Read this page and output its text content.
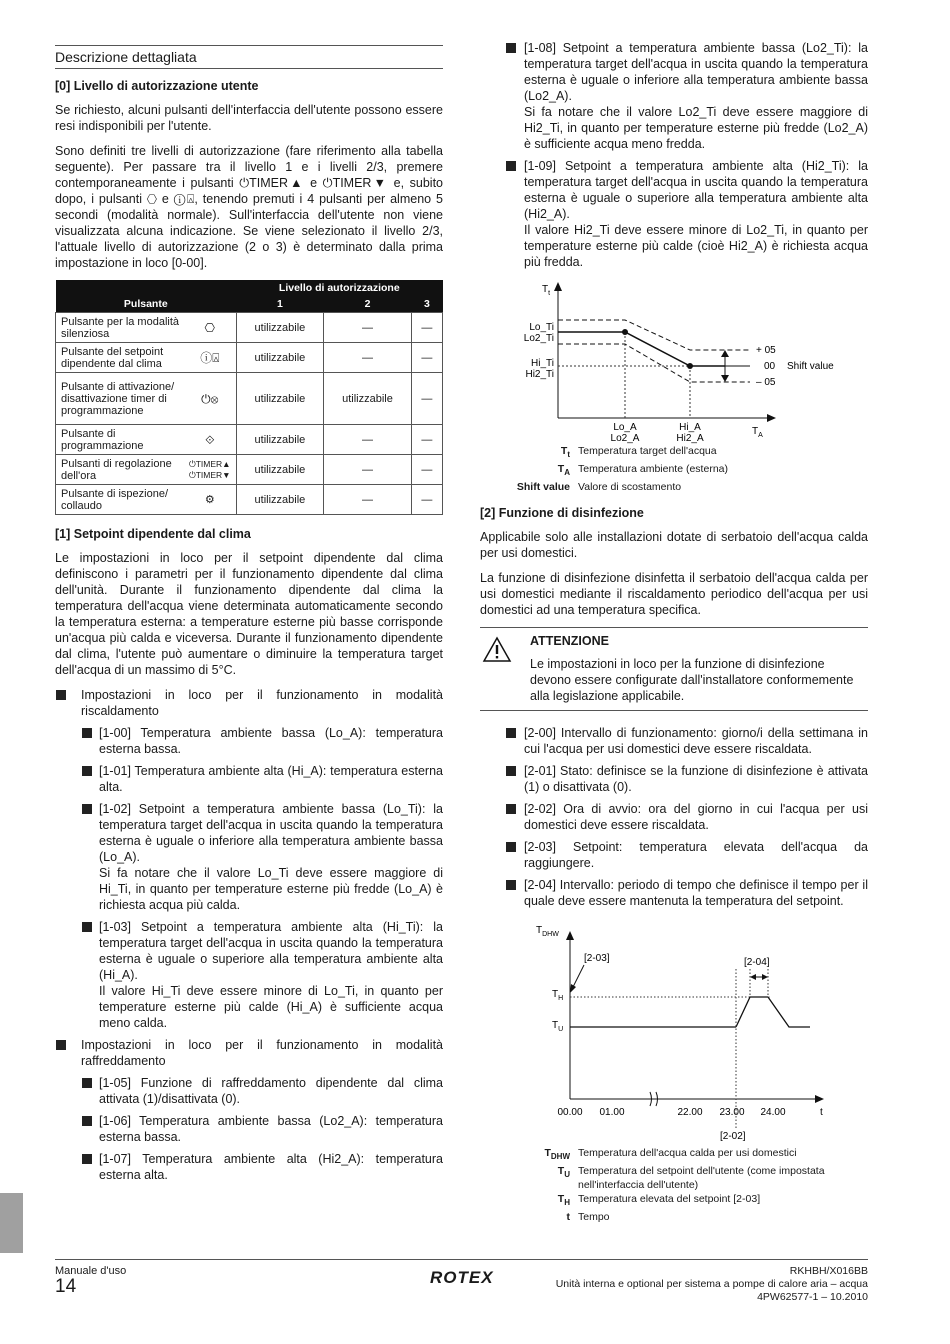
Descrizione dettagliata
[0] Livello di autorizzazione utente

Se richiesto, alcuni pulsanti dell'interfaccia dell'utente possono essere resi indisponibili per l'utente.

Sono definiti tre livelli di autorizzazione (fare riferimento alla tabella seguente). Per passare tra il livello 1 e i livelli 2/3, premere contemporaneamente i pulsanti ⏻TIMER▲ e ⏻TIMER▼ e, subito dopo, i pulsanti ⎔ e ⓘ⍓, tenendo premuti i 4 pulsanti per almeno 5 secondi (modalità normale). Sull'interfaccia dell'utente non viene visualizzata alcuna indicazione. Se viene selezionato il livello 2/3, l'attuale livello di autorizzazione (2 o 3) è determinato dalla prima impostazione in loco [0-00].

		Livello di autorizzazione		
Pulsante		1	2	3
Pulsante per la modalità silenziosa	⎔	utilizzabile	—	—
Pulsante del setpoint dipendente dal clima	ⓘ⍓	utilizzabile	—	—
Pulsante di attivazione/ disattivazione timer di programmazione	⏻⊗	utilizzabile	utilizzabile	—
Pulsante di programmazione	⟐	utilizzabile	—	—
Pulsanti di regolazione dell'ora	⏻TIMER▲ ⏻TIMER▼	utilizzabile	—	—
Pulsante di ispezione/ collaudo	⚙	utilizzabile	—	—
[1] Setpoint dipendente dal clima

Le impostazioni in loco per il setpoint dipendente dal clima definiscono i parametri per il funzionamento dipendente dal clima dell'unità. Durante il funzionamento dipendente dal clima la temperatura dell'acqua viene determinata automaticamente secondo la temperatura esterna: a temperature esterne più basse corrisponde un'acqua più calda e viceversa. Durante il funzionamento dipendente dal clima, l'utente può aumentare o diminuire la temperatura target dell'acqua di un massimo di 5°C.

Impostazioni in loco per il funzionamento in modalità riscaldamento
[1-00] Temperatura ambiente bassa (Lo_A): temperatura esterna bassa.
[1-01] Temperatura ambiente alta (Hi_A): temperatura esterna alta.
[1-02] Setpoint a temperatura ambiente bassa (Lo_Ti): la temperatura target dell'acqua in uscita quando la temperatura esterna è uguale o inferiore alla temperatura ambiente bassa (Lo_A).
Si fa notare che il valore Lo_Ti deve essere maggiore di Hi_Ti, in quanto per temperature esterne più fredde (Lo_A) è richiesta acqua più calda.
[1-03] Setpoint a temperatura ambiente alta (Hi_Ti): la temperatura target dell'acqua in uscita quando la temperatura esterna è uguale o superiore alla temperatura ambiente alta (Hi_A).
Il valore Hi_Ti deve essere minore di Lo_Ti, in quanto per temperature esterne più calde (Hi_A) è sufficiente acqua meno calda.
Impostazioni in loco per il funzionamento in modalità raffreddamento
[1-05] Funzione di raffreddamento dipendente dal clima attivata (1)/disattivata (0).
[1-06] Temperatura ambiente bassa (Lo2_A): temperatura esterna bassa.
[1-07] Temperatura ambiente alta (Hi2_A): temperatura esterna alta.
[1-08] Setpoint a temperatura ambiente bassa (Lo2_Ti): la temperatura target dell'acqua in uscita quando la temperatura esterna è uguale o inferiore alla temperatura ambiente bassa (Lo2_A).
Si fa notare che il valore Lo2_Ti deve essere maggiore di Hi2_Ti, in quanto per temperature esterne più fredde (Lo2_A) è sufficiente acqua meno fredda.
[1-09] Setpoint a temperatura ambiente alta (Hi2_Ti): la temperatura target dell'acqua in uscita quando la temperatura esterna è uguale o superiore alla temperatura ambiente alta (Hi2_A).
Il valore Hi2_Ti deve essere minore di Lo2_Ti, in quanto per temperature esterne più calde (cioè Hi2_A) è richiesta acqua più fredda.
$T_t$
$T_A$
Lo_Ti
Lo2_Ti
Hi_Ti
Hi2_Ti
+ 05
00 Shift value
– 05
Lo_A
Lo2_A
Hi_A
Hi2_A
$T_t$ Temperatura target dell'acqua
$T_A$ Temperatura ambiente (esterna)
Shift value Valore di scostamento
[2] Funzione di disinfezione

Applicabile solo alle installazioni dotate di serbatoio dell'acqua calda per usi domestici.

La funzione di disinfezione disinfetta il serbatoio dell'acqua calda per usi domestici mediante il riscaldamento periodico dell'acqua per usi domestici ad una temperatura specifica.

ATTENZIONE
Le impostazioni in loco per la funzione di disinfezione devono essere configurate dall'installatore conformemente alla legislazione applicabile.
[2-00] Intervallo di funzionamento: giorno/i della settimana in cui l'acqua per usi domestici deve essere riscaldata.
[2-01] Stato: definisce se la funzione di disinfezione è attivata (1) o disattivata (0).
[2-02] Ora di avvio: ora del giorno in cui l'acqua per usi domestici deve essere riscaldata.
[2-03] Setpoint: temperatura elevata dell'acqua da raggiungere.
[2-04] Intervallo: periodo di tempo che definisce il tempo per il quale deve essere mantenuta la temperatura del setpoint.
$T_{DHW}$
$T_H$
$T_U$
[2-04]
[2-03]
[2-02]
00.00 01.00	22.00 23.00 24.00	t
$T_{DHW}$ Temperatura dell'acqua calda per usi domestici
$T_U$ Temperatura del setpoint dell'utente (come impostata nell'interfaccia dell'utente)
$T_H$ Temperatura elevata del setpoint [2-03]
t Tempo
Manuale d'uso
14	ROTEX	RKHBH/X016BB
Unità interna e optional per sistema a pompe di calore aria – acqua
4PW62577-1 – 10.2010
